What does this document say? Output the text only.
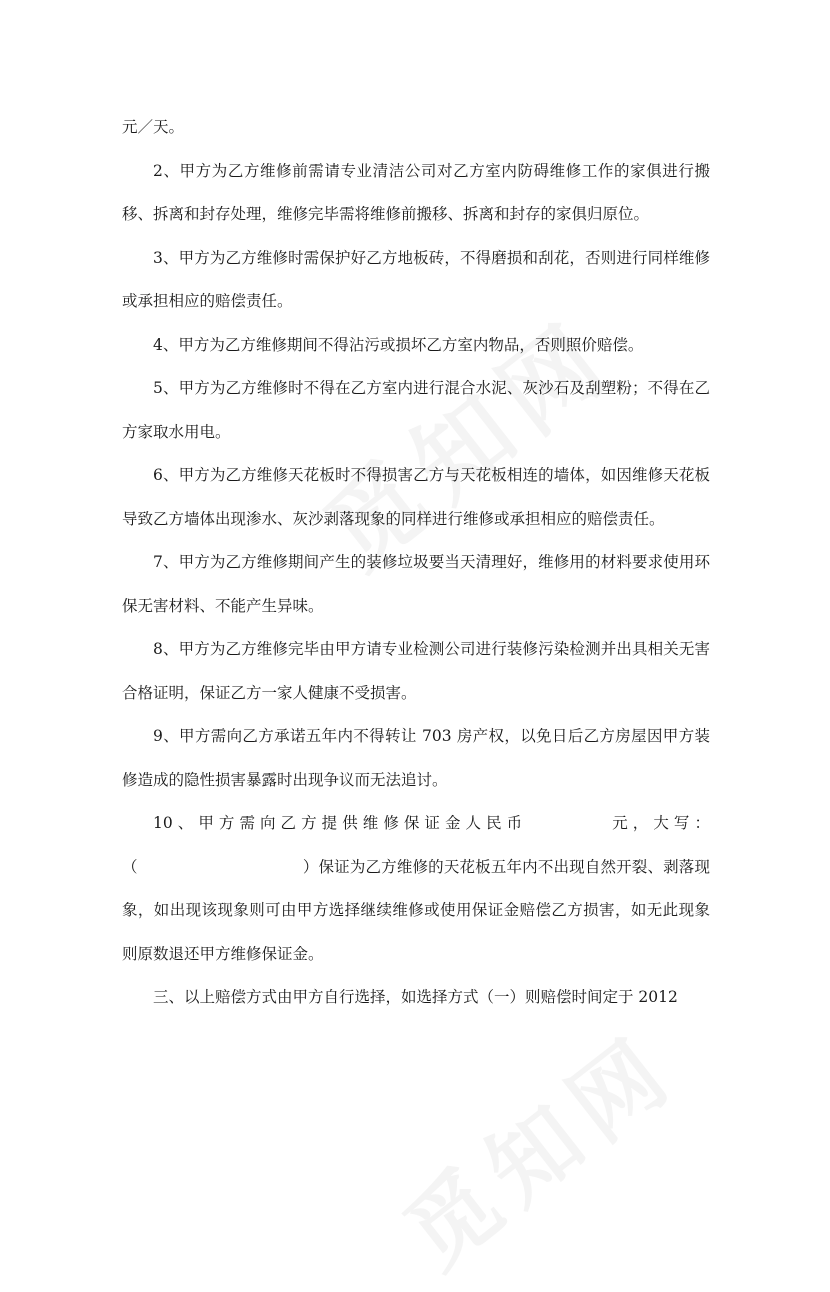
元／天。

2、甲方为乙方维修前需请专业清洁公司对乙方室内防碍维修工作的家俱进行搬移、拆离和封存处理，维修完毕需将维修前搬移、拆离和封存的家俱归原位。

3、甲方为乙方维修时需保护好乙方地板砖，不得磨损和刮花，否则进行同样维修或承担相应的赔偿责任。

4、甲方为乙方维修期间不得沾污或损坏乙方室内物品，否则照价赔偿。

5、甲方为乙方维修时不得在乙方室内进行混合水泥、灰沙石及刮塑粉；不得在乙方家取水用电。

6、甲方为乙方维修天花板时不得损害乙方与天花板相连的墙体，如因维修天花板导致乙方墙体出现渗水、灰沙剥落现象的同样进行维修或承担相应的赔偿责任。

7、甲方为乙方维修期间产生的装修垃圾要当天清理好，维修用的材料要求使用环保无害材料、不能产生异味。

8、甲方为乙方维修完毕由甲方请专业检测公司进行装修污染检测并出具相关无害合格证明，保证乙方一家人健康不受损害。

9、甲方需向乙方承诺五年内不得转让 703 房产权，以免日后乙方房屋因甲方装修造成的隐性损害暴露时出现争议而无法追讨。

10、甲方需向乙方提供维修保证金人民币	元，大写：

（	）保证为乙方维修的天花板五年内不出现自然开裂、剥落现象，如出现该现象则可由甲方选择继续维修或使用保证金赔偿乙方损害，如无此现象则原数退还甲方维修保证金。

三、以上赔偿方式由甲方自行选择，如选择方式（一）则赔偿时间定于 2012
